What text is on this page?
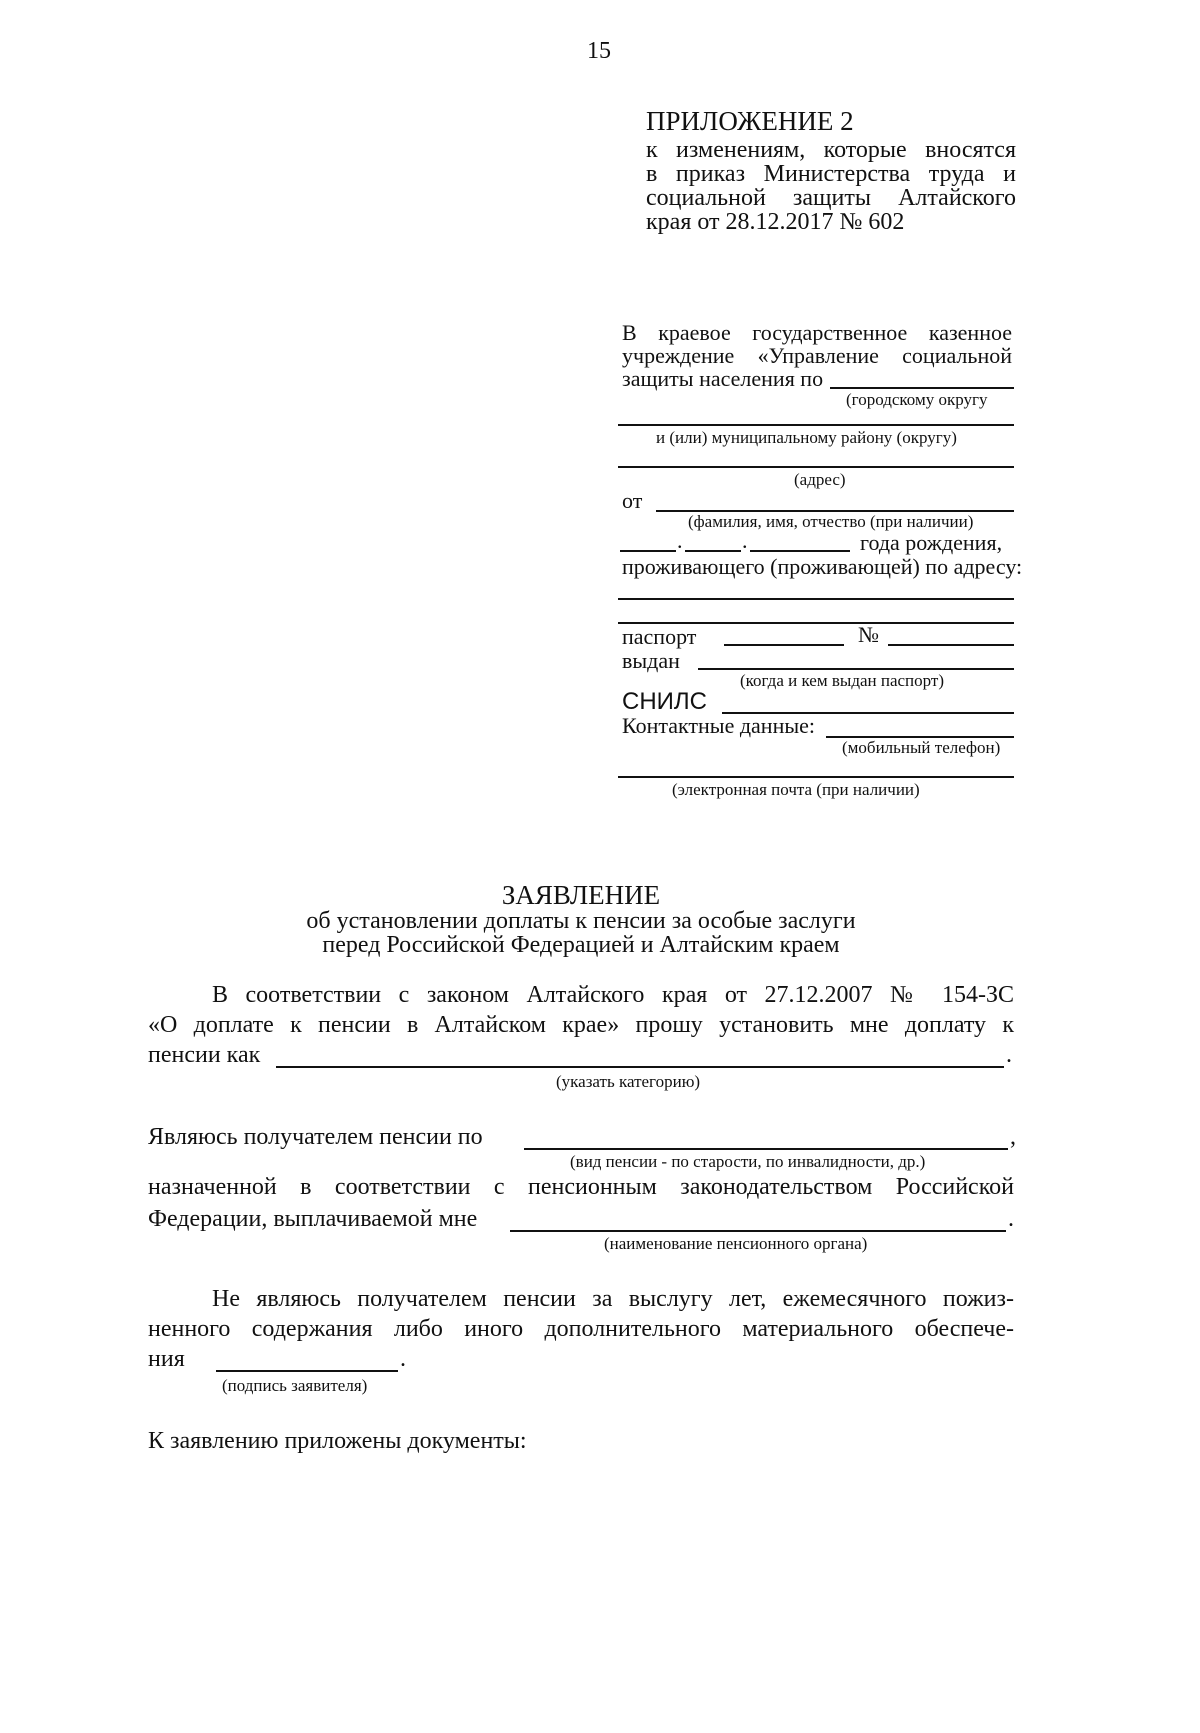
15
ПРИЛОЖЕНИЕ 2
к изменениям, которые вносятся
в приказ Министерства труда и
социальной защиты Алтайского
края от 28.12.2017 № 602
В краевое государственное казенное
учреждение «Управление социальной
защиты населения по
(городскому округу
и (или) муниципальному району (округу)
(адрес)
от
(фамилия, имя, отчество (при наличии)
.	.	года рождения,
проживающего (проживающей) по адресу:
паспорт	№
выдан
(когда и кем выдан паспорт)
СНИЛС
Контактные данные:
(мобильный телефон)
(электронная почта (при наличии)
ЗАЯВЛЕНИЕ
об установлении доплаты к пенсии за особые заслуги
перед Российской Федерацией и Алтайским краем
В соответствии с законом Алтайского края от 27.12.2007 № 154-ЗС
«О доплате к пенсии в Алтайском крае» прошу установить мне доплату к
пенсии как	.
(указать категорию)
Являюсь получателем пенсии по	,
(вид пенсии - по старости, по инвалидности, др.)
назначенной в соответствии с пенсионным законодательством Российской
Федерации, выплачиваемой мне	.
(наименование пенсионного органа)
Не являюсь получателем пенсии за выслугу лет, ежемесячного пожиз-
ненного содержания либо иного дополнительного материального обеспече-
ния	.
(подпись заявителя)
К заявлению приложены документы:
